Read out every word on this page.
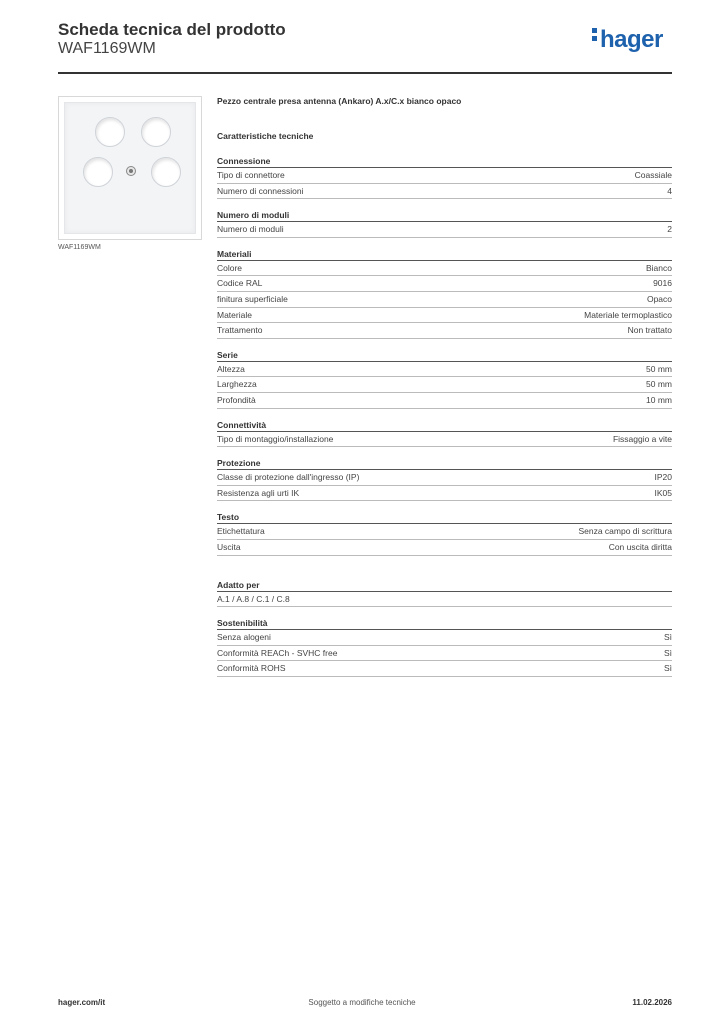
Scheda tecnica del prodotto
WAF1169WM	hager
WAF1169WM
Pezzo centrale presa antenna (Ankaro) A.x/C.x bianco opaco
Caratteristiche tecniche
Connessione
Tipo di connettore	Coassiale
Numero di connessioni	4
Numero di moduli
Numero di moduli	2
Materiali
Colore	Bianco
Codice RAL	9016
finitura superficiale	Opaco
Materiale	Materiale termoplastico
Trattamento	Non trattato
Serie
Altezza	50 mm
Larghezza	50 mm
Profondità	10 mm
Connettività
Tipo di montaggio/installazione	Fissaggio a vite
Protezione
Classe di protezione dall'ingresso (IP)	IP20
Resistenza agli urti IK	IK05
Testo
Etichettatura	Senza campo di scrittura
Uscita	Con uscita diritta
Adatto per
A.1 / A.8 / C.1 / C.8
Sostenibilità
Senza alogeni	Sì
Conformità REACh - SVHC free	Sì
Conformità ROHS	Sì
hager.com/it	Soggetto a modifiche tecniche	11.02.2026
